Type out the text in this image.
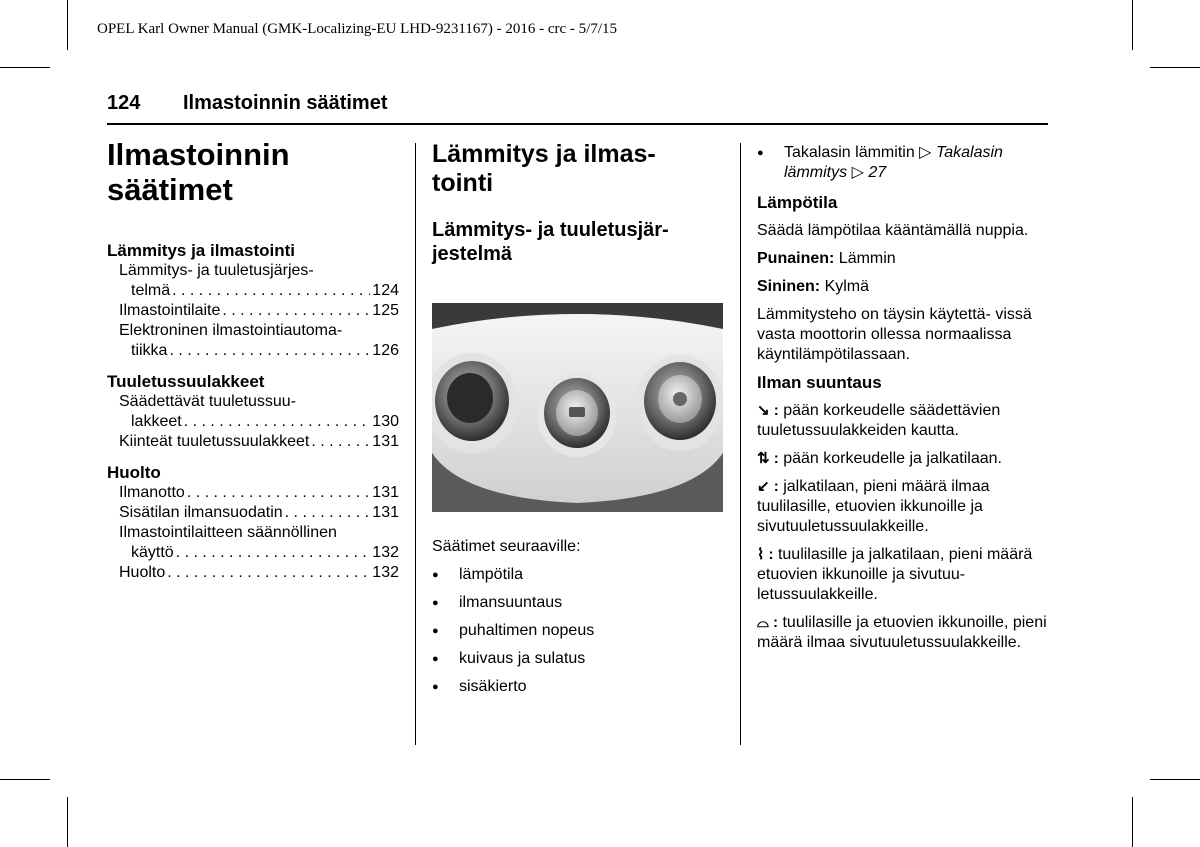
OPEL Karl Owner Manual (GMK-Localizing-EU LHD-9231167) - 2016 - crc - 5/7/15
124 Ilmastoinnin säätimet
Ilmastoinnin säätimet
Lämmitys ja ilmastointi
Lämmitys- ja tuuletusjärjes-
telmä . . .	124
Ilmastointilaite . . .	125
Elektroninen ilmastointiautoma-
tiikka . . .	126
Tuuletussuulakkeet
Säädettävät tuuletussuu-
lakkeet . . .	130
Kiinteät tuuletussuulakkeet . . .	131
Huolto
Ilmanotto . . .	131
Sisätilan ilmansuodatin . . .	131
Ilmastointilaitteen säännöllinen
käyttö . . .	132
Huolto . . .	132
Lämmitys ja ilmas- tointi
Lämmitys- ja tuuletusjär- jestelmä
Säätimet seuraaville:
● lämpötila
● ilmansuuntaus
● puhaltimen nopeus
● kuivaus ja sulatus
● sisäkierto
● Takalasin lämmitin ▷ Takalasin lämmitys ▷ 27

Lämpötila

Säädä lämpötilaa kääntämällä nuppia.

Punainen: Lämmin

Sininen: Kylmä

Lämmitysteho on täysin käytettä- vissä vasta moottorin ollessa normaalissa käyntilämpötilassaan.

Ilman suuntaus

↘︎ : pään korkeudelle säädettävien tuuletussuulakkeiden kautta.

⇅ : pään korkeudelle ja jalkatilaan.

↙ : jalkatilaan, pieni määrä ilmaa tuulilasille, etuovien ikkunoille ja sivutuuletussuulakkeille.

⌇ : tuulilasille ja jalkatilaan, pieni määrä etuovien ikkunoille ja sivutuu- letussuulakkeille.

⌓ : tuulilasille ja etuovien ikkunoille, pieni määrä ilmaa sivutuuletussuulakkeille.
